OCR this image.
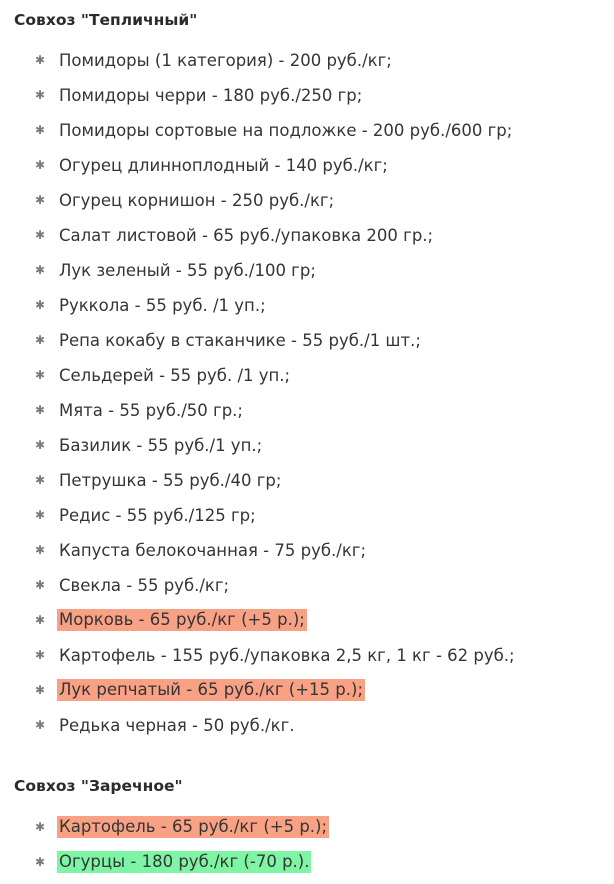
Совхоз "Тепличный"
✱ Помидоры (1 категория) - 200 руб./кг;
✱ Помидоры черри - 180 руб./250 гр;
✱ Помидоры сортовые на подложке - 200 руб./600 гр;
✱ Огурец длинноплодный - 140 руб./кг;
✱ Огурец корнишон - 250 руб./кг;
✱ Салат листовой - 65 руб./упаковка 200 гр.;
✱ Лук зеленый - 55 руб./100 гр;
✱ Руккола - 55 руб. /1 уп.;
✱ Репа кокабу в стаканчике - 55 руб./1 шт.;
✱ Сельдерей - 55 руб. /1 уп.;
✱ Мята - 55 руб./50 гр.;
✱ Базилик - 55 руб./1 уп.;
✱ Петрушка - 55 руб./40 гр;
✱ Редис - 55 руб./125 гр;
✱ Капуста белокочанная - 75 руб./кг;
✱ Свекла - 55 руб./кг;
✱ Морковь - 65 руб./кг (+5 р.);
✱ Картофель - 155 руб./упаковка 2,5 кг, 1 кг - 62 руб.;
✱ Лук репчатый - 65 руб./кг (+15 р.);
✱ Редька черная - 50 руб./кг.
Совхоз "Заречное"
✱ Картофель - 65 руб./кг (+5 р.);
✱ Огурцы - 180 руб./кг (-70 р.).
